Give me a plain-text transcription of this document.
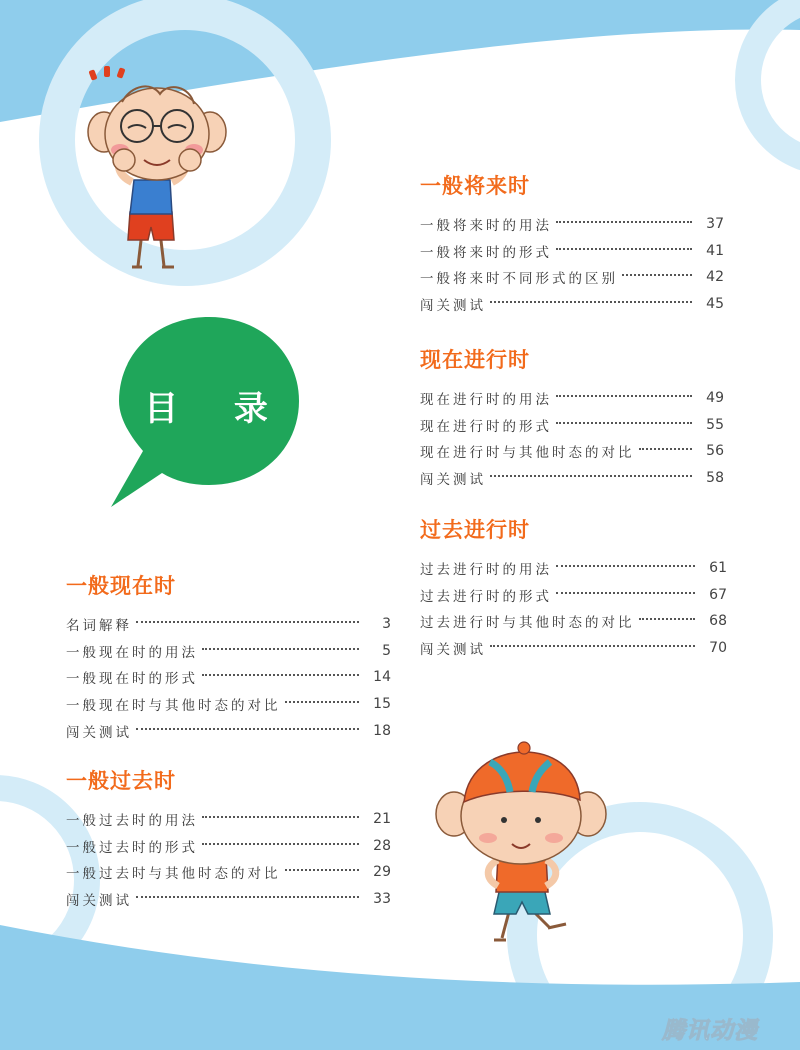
目 录
一般将来时
一般将来时的用法	37
一般将来时的形式	41
一般将来时不同形式的区别	42
闯关测试	45
现在进行时
现在进行时的用法	49
现在进行时的形式	55
现在进行时与其他时态的对比	56
闯关测试	58
过去进行时
过去进行时的用法	61
过去进行时的形式	67
过去进行时与其他时态的对比	68
闯关测试	70
一般现在时
名词解释	3
一般现在时的用法	5
一般现在时的形式	14
一般现在时与其他时态的对比	15
闯关测试	18
一般过去时
一般过去时的用法	21
一般过去时的形式	28
一般过去时与其他时态的对比	29
闯关测试	33
腾讯动漫
